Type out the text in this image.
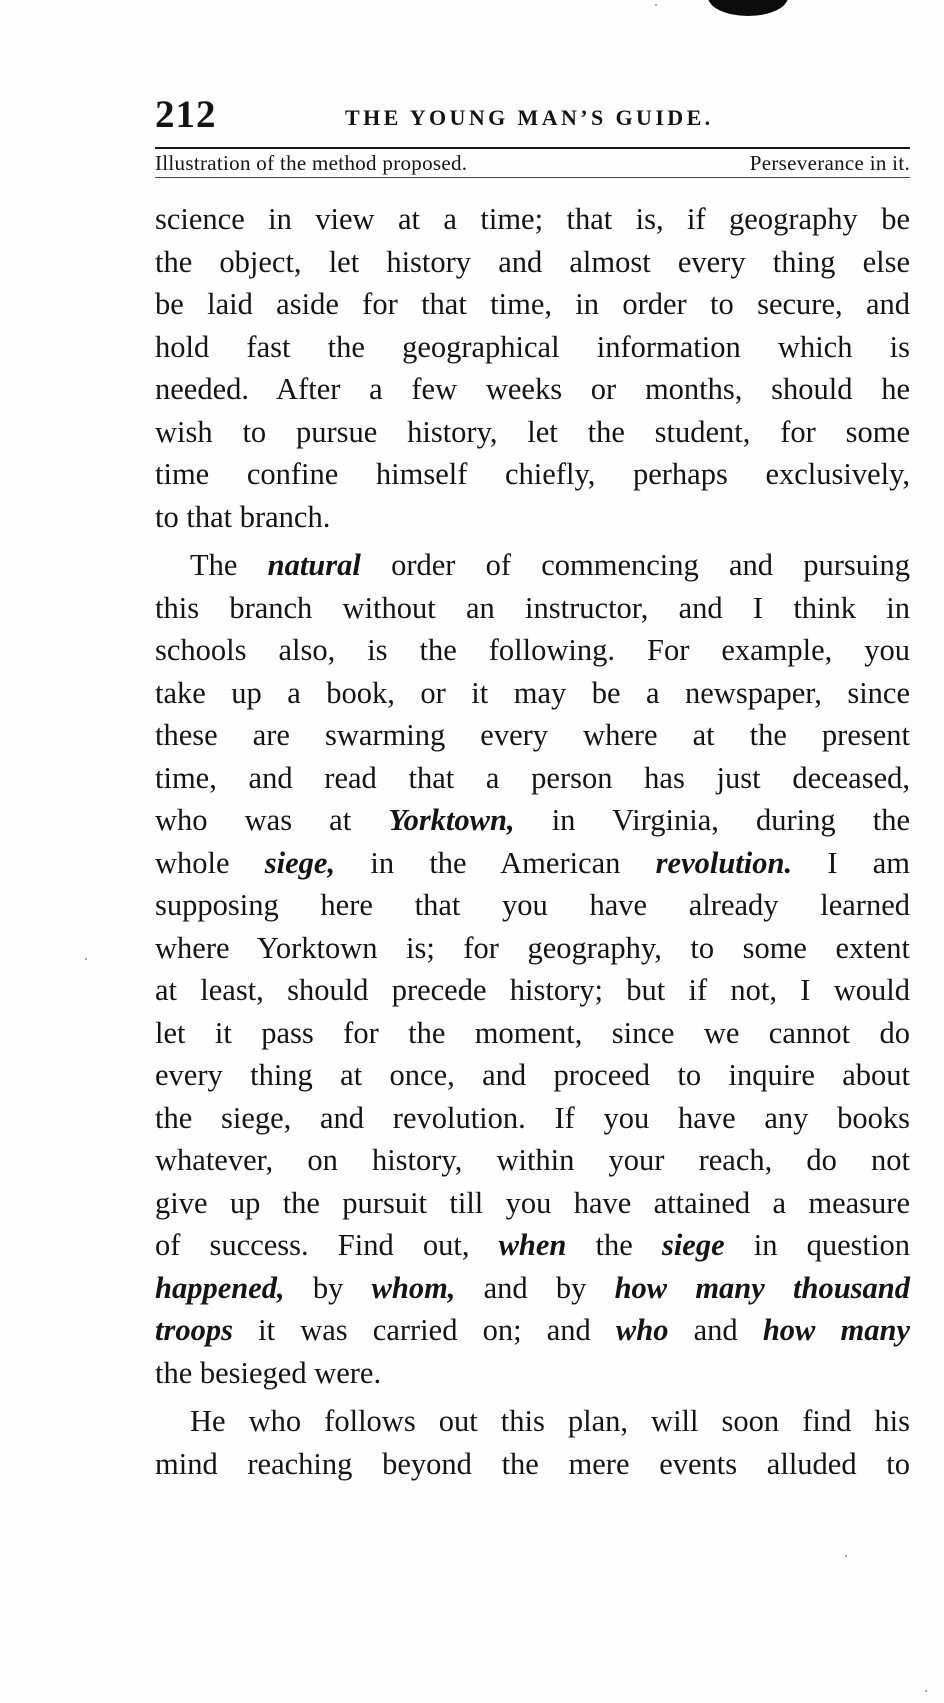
212	THE YOUNG MAN’S GUIDE.
Illustration of the method proposed.	Perseverance in it.
science in view at a time; that is, if geography be
the object, let history and almost every thing else
be laid aside for that time, in order to secure, and
hold fast the geographical information which is
needed. After a few weeks or months, should he
wish to pursue history, let the student, for some
time confine himself chiefly, perhaps exclusively,
to that branch.
The natural order of commencing and pursuing
this branch without an instructor, and I think in
schools also, is the following. For example, you
take up a book, or it may be a newspaper, since
these are swarming every where at the present
time, and read that a person has just deceased,
who was at Yorktown, in Virginia, during the
whole siege, in the American revolution. I am
supposing here that you have already learned
where Yorktown is; for geography, to some extent
at least, should precede history; but if not, I would
let it pass for the moment, since we cannot do
every thing at once, and proceed to inquire about
the siege, and revolution. If you have any books
whatever, on history, within your reach, do not
give up the pursuit till you have attained a measure
of success. Find out, when the siege in question
happened, by whom, and by how many thousand
troops it was carried on; and who and how many
the besieged were.
He who follows out this plan, will soon find his
mind reaching beyond the mere events alluded to
